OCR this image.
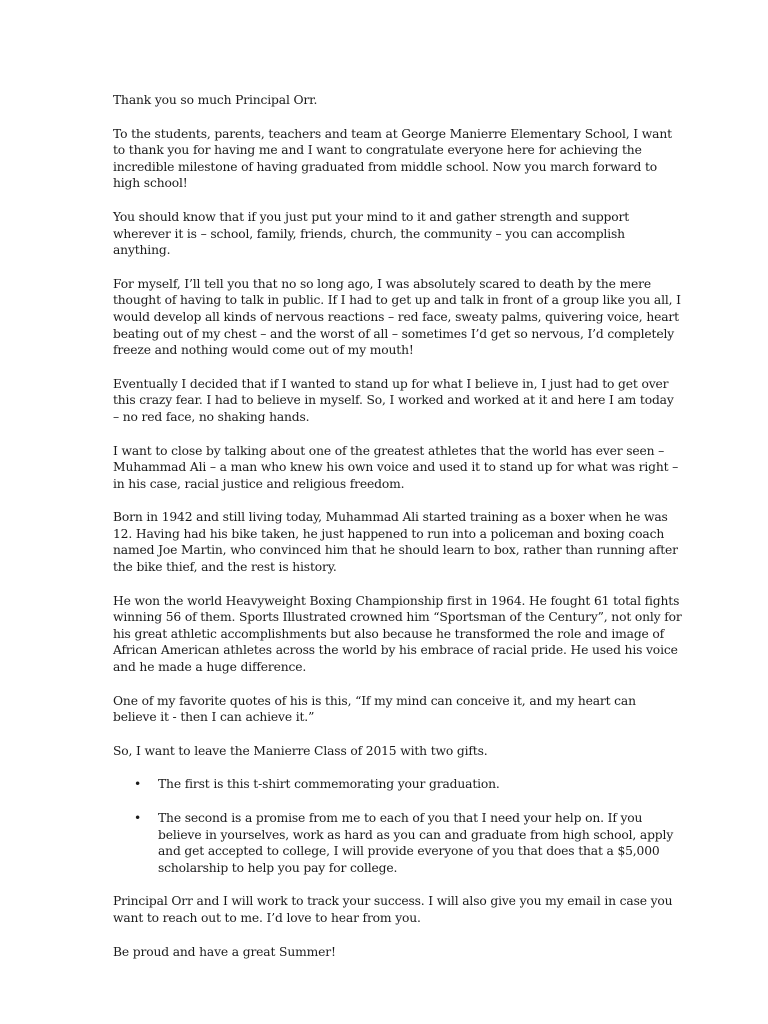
Thank you so much Principal Orr.

To the students, parents, teachers and team at George Manierre Elementary School, I want to thank you for having me and I want to congratulate everyone here for achieving the incredible milestone of having graduated from middle school. Now you march forward to high school!

You should know that if you just put your mind to it and gather strength and support wherever it is – school, family, friends, church, the community – you can accomplish anything.

For myself, I’ll tell you that no so long ago, I was absolutely scared to death by the mere thought of having to talk in public. If I had to get up and talk in front of a group like you all, I would develop all kinds of nervous reactions – red face, sweaty palms, quivering voice, heart beating out of my chest – and the worst of all – sometimes I’d get so nervous, I’d completely freeze and nothing would come out of my mouth!

Eventually I decided that if I wanted to stand up for what I believe in, I just had to get over this crazy fear. I had to believe in myself. So, I worked and worked at it and here I am today – no red face, no shaking hands.

I want to close by talking about one of the greatest athletes that the world has ever seen – Muhammad Ali – a man who knew his own voice and used it to stand up for what was right – in his case, racial justice and religious freedom.

Born in 1942 and still living today, Muhammad Ali started training as a boxer when he was 12. Having had his bike taken, he just happened to run into a policeman and boxing coach named Joe Martin, who convinced him that he should learn to box, rather than running after the bike thief, and the rest is history.

He won the world Heavyweight Boxing Championship first in 1964. He fought 61 total fights winning 56 of them. Sports Illustrated crowned him “Sportsman of the Century”, not only for his great athletic accomplishments but also because he transformed the role and image of African American athletes across the world by his embrace of racial pride. He used his voice and he made a huge difference.

One of my favorite quotes of his is this, “If my mind can conceive it, and my heart can believe it - then I can achieve it.”

So, I want to leave the Manierre Class of 2015 with two gifts.

• The first is this t-shirt commemorating your graduation.
• The second is a promise from me to each of you that I need your help on. If you believe in yourselves, work as hard as you can and graduate from high school, apply and get accepted to college, I will provide everyone of you that does that a $5,000 scholarship to help you pay for college.

Principal Orr and I will work to track your success. I will also give you my email in case you want to reach out to me. I’d love to hear from you.

Be proud and have a great Summer!
